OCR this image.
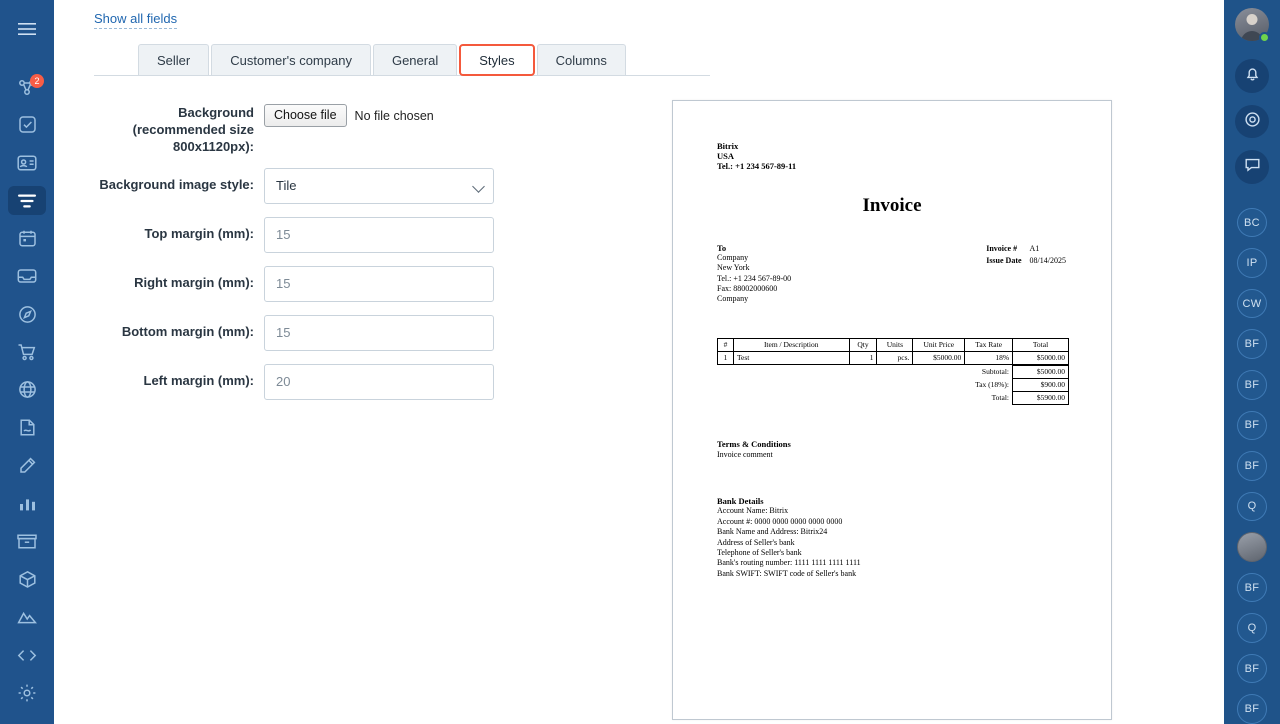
2
Show all fields
Seller	Customer's company	General	Styles	Columns
Background (recommended size 800x1120px):
Choose file	No file chosen
Background image style:	Tile
Top margin (mm):	15
Right margin (mm):	15
Bottom margin (mm):	15
Left margin (mm):	20
Bitrix
USA
Tel.: +1 234 567-89-11
Invoice
To
Company
New York
Tel.: +1 234 567-89-00
Fax: 88002000600
Company
Invoice #	A1
Issue Date	08/14/2025
#	Item / Description	Qty	Units	Unit Price	Tax Rate	Total
1	Test	1	pcs.	$5000.00	18%	$5000.00
	Subtotal:	$5000.00
	Tax (18%):	$900.00
	Total:	$5900.00
Terms & Conditions
Invoice comment
Bank Details
Account Name: Bitrix
Account #: 0000 0000 0000 0000 0000
Bank Name and Address: Bitrix24
Address of Seller's bank
Telephone of Seller's bank
Bank's routing number: 1111 1111 1111 1111
Bank SWIFT: SWIFT code of Seller's bank
BC
IP
CW
BF
BF
BF
BF
Q
BF
Q
BF
BF
